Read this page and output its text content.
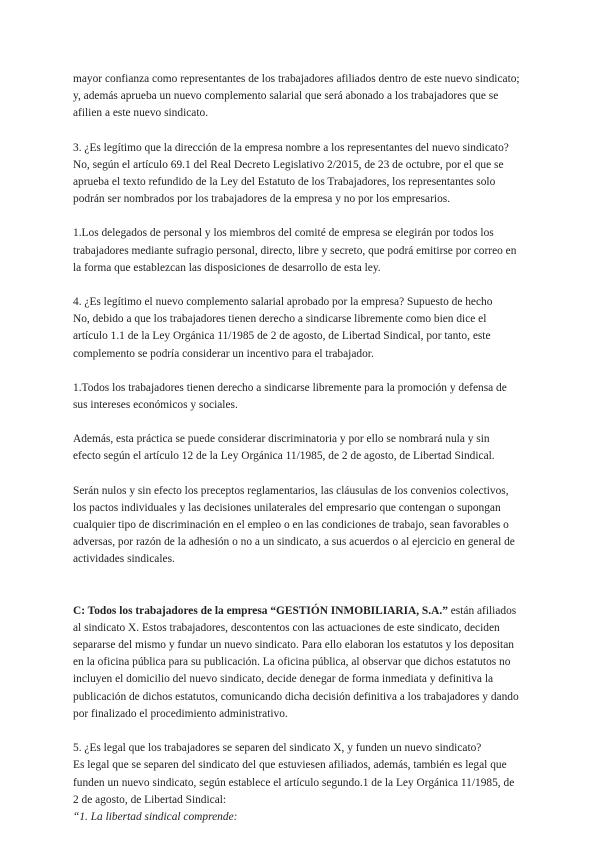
mayor confianza como representantes de los trabajadores afiliados dentro de este nuevo sindicato; y, además aprueba un nuevo complemento salarial que será abonado a los trabajadores que se afilien a este nuevo sindicato.

3. ¿Es legítimo que la dirección de la empresa nombre a los representantes del nuevo sindicato?

No, según el artículo 69.1 del Real Decreto Legislativo 2/2015, de 23 de octubre, por el que se aprueba el texto refundido de la Ley del Estatuto de los Trabajadores, los representantes solo podrán ser nombrados por los trabajadores de la empresa y no por los empresarios.

1.Los delegados de personal y los miembros del comité de empresa se elegirán por todos los trabajadores mediante sufragio personal, directo, libre y secreto, que podrá emitirse por correo en la forma que establezcan las disposiciones de desarrollo de esta ley.

4. ¿Es legítimo el nuevo complemento salarial aprobado por la empresa? Supuesto de hecho

No, debido a que los trabajadores tienen derecho a sindicarse libremente como bien dice el artículo 1.1 de la Ley Orgánica 11/1985 de 2 de agosto, de Libertad Sindical, por tanto, este complemento se podría considerar un incentivo para el trabajador.

1.Todos los trabajadores tienen derecho a sindicarse libremente para la promoción y defensa de sus intereses económicos y sociales.

Además, esta práctica se puede considerar discriminatoria y por ello se nombrará nula y sin efecto según el artículo 12 de la Ley Orgánica 11/1985, de 2 de agosto, de Libertad Sindical.

Serán nulos y sin efecto los preceptos reglamentarios, las cláusulas de los convenios colectivos, los pactos individuales y las decisiones unilaterales del empresario que contengan o supongan cualquier tipo de discriminación en el empleo o en las condiciones de trabajo, sean favorables o adversas, por razón de la adhesión o no a un sindicato, a sus acuerdos o al ejercicio en general de actividades sindicales.

C: Todos los trabajadores de la empresa “GESTIÓN INMOBILIARIA, S.A.” están afiliados al sindicato X. Estos trabajadores, descontentos con las actuaciones de este sindicato, deciden separarse del mismo y fundar un nuevo sindicato. Para ello elaboran los estatutos y los depositan en la oficina pública para su publicación. La oficina pública, al observar que dichos estatutos no incluyen el domicilio del nuevo sindicato, decide denegar de forma inmediata y definitiva la publicación de dichos estatutos, comunicando dicha decisión definitiva a los trabajadores y dando por finalizado el procedimiento administrativo.

5. ¿Es legal que los trabajadores se separen del sindicato X, y funden un nuevo sindicato?

Es legal que se separen del sindicato del que estuviesen afiliados, además, también es legal que funden un nuevo sindicato, según establece el artículo segundo.1 de la Ley Orgánica 11/1985, de 2 de agosto, de Libertad Sindical:

“1. La libertad sindical comprende:
